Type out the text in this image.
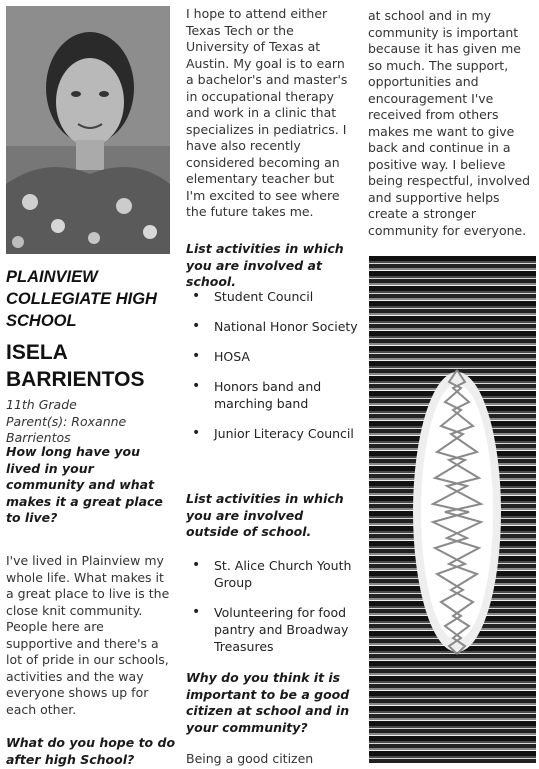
PLAINVIEW COLLEGIATE HIGH SCHOOL
ISELA BARRIENTOS
11th Grade
Parent(s): Roxanne Barrientos

How long have you lived in your community and what makes it a great place to live?

I've lived in Plainview my whole life. What makes it a great place to live is the close knit community. People here are supportive and there's a lot of pride in our schools, activities and the way everyone shows up for each other.

What do you hope to do after high School?

I hope to attend either Texas Tech or the University of Texas at Austin. My goal is to earn a bachelor's and master's in occupational therapy and work in a clinic that specializes in pediatrics. I have also recently considered becoming an elementary teacher but I'm excited to see where the future takes me.

List activities in which you are involved at school.

• Student Council
• National Honor Society
• HOSA
• Honors band and marching band
• Junior Literacy Council

List activities in which you are involved outside of school.

• St. Alice Church Youth Group
• Volunteering for food pantry and Broadway Treasures

Why do you think it is important to be a good citizen at school and in your community?

Being a good citizen

at school and in my community is important because it has given me so much. The support, opportunities and encouragement I've received from others makes me want to give back and continue in a positive way. I believe being respectful, involved and supportive helps create a stronger community for everyone.
